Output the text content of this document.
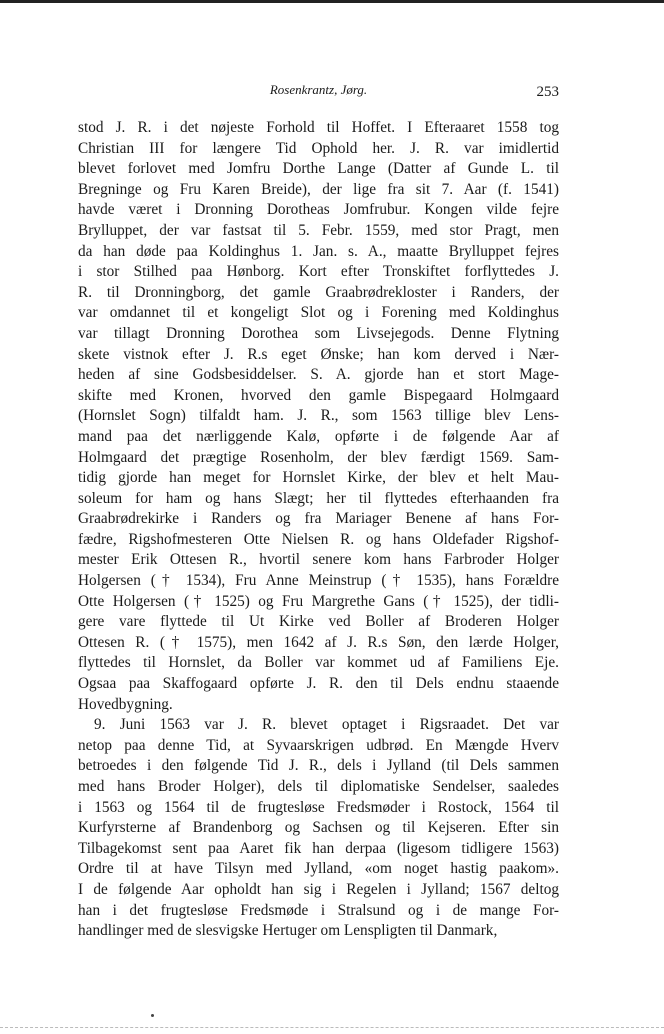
Rosenkrantz, Jørg.	253
stod J. R. i det nøjeste Forhold til Hoffet. I Efteraaret 1558 tog
Christian III for længere Tid Ophold her. J. R. var imidlertid
blevet forlovet med Jomfru Dorthe Lange (Datter af Gunde L. til
Bregninge og Fru Karen Breide), der lige fra sit 7. Aar (f. 1541)
havde været i Dronning Dorotheas Jomfrubur. Kongen vilde fejre
Brylluppet, der var fastsat til 5. Febr. 1559, med stor Pragt, men
da han døde paa Koldinghus 1. Jan. s. A., maatte Brylluppet fejres
i stor Stilhed paa Hønborg. Kort efter Tronskiftet forflyttedes J.
R. til Dronningborg, det gamle Graabrødrekloster i Randers, der
var omdannet til et kongeligt Slot og i Forening med Koldinghus
var tillagt Dronning Dorothea som Livsejegods. Denne Flytning
skete vistnok efter J. R.s eget Ønske; han kom derved i Nær-
heden af sine Godsbesiddelser. S. A. gjorde han et stort Mage-
skifte med Kronen, hvorved den gamle Bispegaard Holmgaard
(Hornslet Sogn) tilfaldt ham. J. R., som 1563 tillige blev Lens-
mand paa det nærliggende Kalø, opførte i de følgende Aar af
Holmgaard det prægtige Rosenholm, der blev færdigt 1569. Sam-
tidig gjorde han meget for Hornslet Kirke, der blev et helt Mau-
soleum for ham og hans Slægt; her til flyttedes efterhaanden fra
Graabrødrekirke i Randers og fra Mariager Benene af hans For-
fædre, Rigshofmesteren Otte Nielsen R. og hans Oldefader Rigshof-
mester Erik Ottesen R., hvortil senere kom hans Farbroder Holger
Holgersen († 1534), Fru Anne Meinstrup († 1535), hans Forældre
Otte Holgersen († 1525) og Fru Margrethe Gans († 1525), der tidli-
gere vare flyttede til Ut Kirke ved Boller af Broderen Holger
Ottesen R. († 1575), men 1642 af J. R.s Søn, den lærde Holger,
flyttedes til Hornslet, da Boller var kommet ud af Familiens Eje.
Ogsaa paa Skaffogaard opførte J. R. den til Dels endnu staaende
Hovedbygning.
9. Juni 1563 var J. R. blevet optaget i Rigsraadet. Det var
netop paa denne Tid, at Syvaarskrigen udbrød. En Mængde Hverv
betroedes i den følgende Tid J. R., dels i Jylland (til Dels sammen
med hans Broder Holger), dels til diplomatiske Sendelser, saaledes
i 1563 og 1564 til de frugtesløse Fredsmøder i Rostock, 1564 til
Kurfyrsterne af Brandenborg og Sachsen og til Kejseren. Efter sin
Tilbagekomst sent paa Aaret fik han derpaa (ligesom tidligere 1563)
Ordre til at have Tilsyn med Jylland, «om noget hastig paakom».
I de følgende Aar opholdt han sig i Regelen i Jylland; 1567 deltog
han i det frugtesløse Fredsmøde i Stralsund og i de mange For-
handlinger med de slesvigske Hertuger om Lenspligten til Danmark,
